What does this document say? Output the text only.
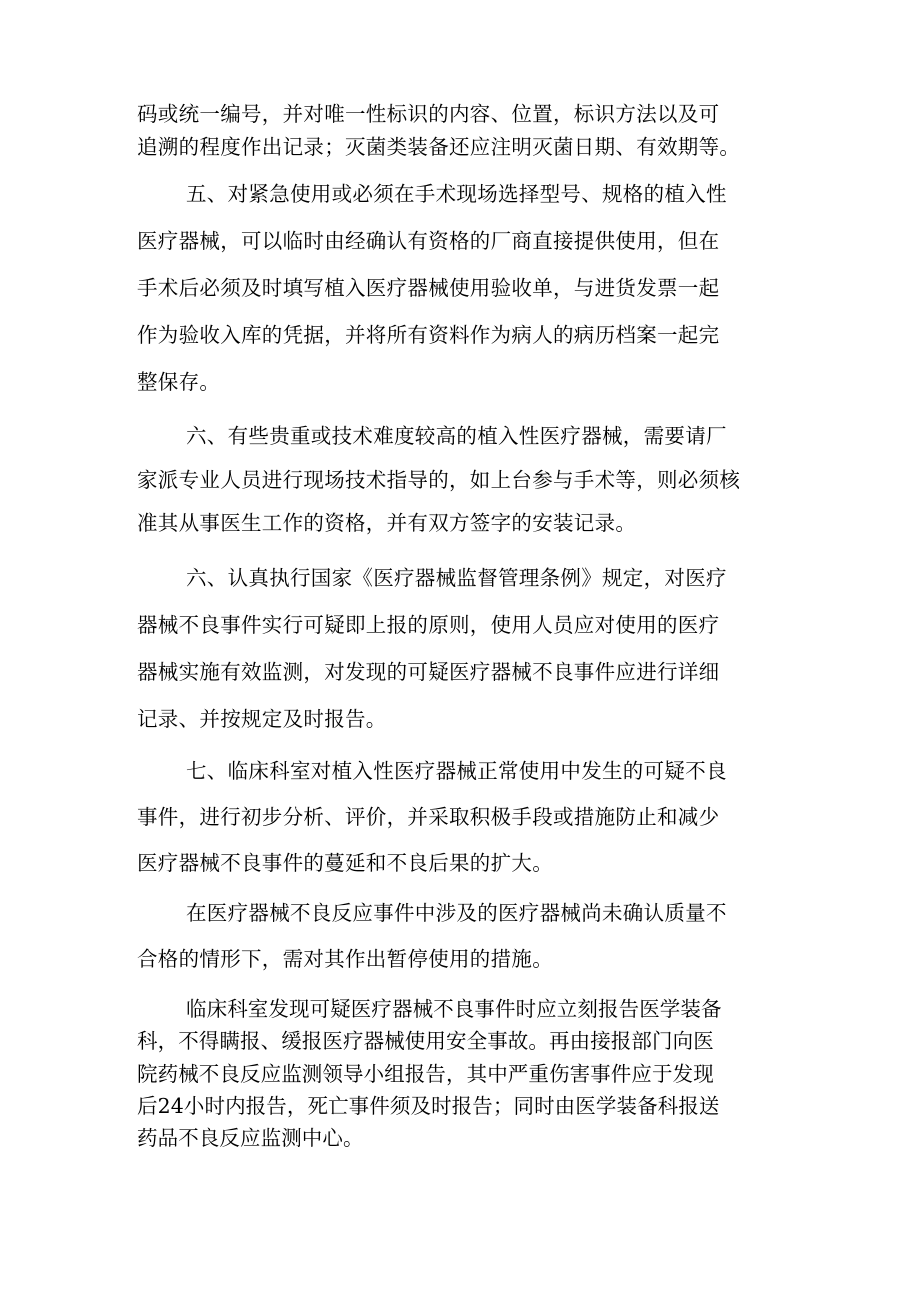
码或统一编号，并对唯一性标识的内容、位置，标识方法以及可
追溯的程度作出记录；灭菌类装备还应注明灭菌日期、有效期等。
五、对紧急使用或必须在手术现场选择型号、规格的植入性
医疗器械，可以临时由经确认有资格的厂商直接提供使用，但在
手术后必须及时填写植入医疗器械使用验收单，与进货发票一起
作为验收入库的凭据，并将所有资料作为病人的病历档案一起完
整保存。
六、有些贵重或技术难度较高的植入性医疗器械，需要请厂
家派专业人员进行现场技术指导的，如上台参与手术等，则必须核
准其从事医生工作的资格，并有双方签字的安装记录。
六、认真执行国家《医疗器械监督管理条例》规定，对医疗
器械不良事件实行可疑即上报的原则，使用人员应对使用的医疗
器械实施有效监测，对发现的可疑医疗器械不良事件应进行详细
记录、并按规定及时报告。
七、临床科室对植入性医疗器械正常使用中发生的可疑不良
事件，进行初步分析、评价，并采取积极手段或措施防止和减少
医疗器械不良事件的蔓延和不良后果的扩大。
在医疗器械不良反应事件中涉及的医疗器械尚未确认质量不
合格的情形下，需对其作出暂停使用的措施。
临床科室发现可疑医疗器械不良事件时应立刻报告医学装备
科，不得瞒报、缓报医疗器械使用安全事故。再由接报部门向医
院药械不良反应监测领导小组报告，其中严重伤害事件应于发现
后24小时内报告，死亡事件须及时报告；同时由医学装备科报送
药品不良反应监测中心。
